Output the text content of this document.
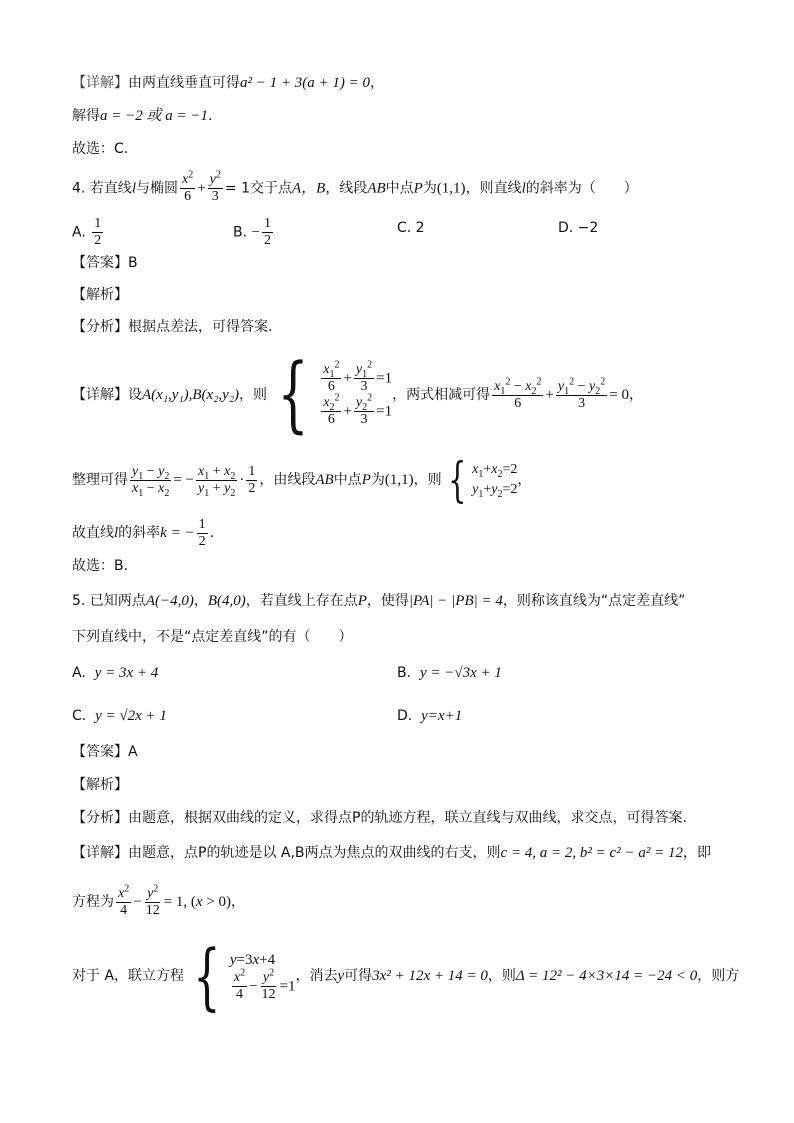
【详解】由两直线垂直可得a² − 1 + 3(a + 1) = 0，
解得a = −2 或 a = −1.
故选：C.
4. 若直线l与椭圆 $\frac{x^2}{6} + \frac{y^2}{3} = 1$交于点A，B，线段AB中点P为(1,1)，则直线l的斜率为（　　）
A. $\frac{1}{2}$	B. − $\frac{1}{2}$	C. 2	D. −2
【答案】B
【解析】
【分析】根据点差法，可得答案.
【详解】设 A(x₁,y₁),B(x₂,y₂) ，则 { $\frac{x_1^2}{6} + \frac{y_1^2}{3} =1$
$\frac{x_2^2}{6} + \frac{y_2^2}{3} =1$
，两式相减可得 $\frac{x_1^2 - x_2^2}{6} + \frac{y_1^2 - y_2^2}{3} = 0$ ，
整理可得 $\frac{y_1 - y_2}{x_1 - x_2}$ = − $\frac{x_1 + x_2}{y_1 + y_2} \cdot \frac{1}{2}$ ，由线段 AB 中点 P 为 (1,1) ，则 { $x_1+x_2=2$
$y_1+y_2=2$
，
故直线l的斜率k = − $\frac{1}{2}$ .
故选：B.
5. 已知两点A(−4,0)，B(4,0)，若直线上存在点P，使得|PA| − |PB| = 4，则称该直线为“点定差直线”
下列直线中，不是“点定差直线”的有（　　）
A. y = 3x + 4	B. y = −√3x + 1
C. y = √2x + 1	D. y=x+1
【答案】A
【解析】
【分析】由题意，根据双曲线的定义，求得点P的轨迹方程，联立直线与双曲线，求交点，可得答案.
【详解】由题意，点P的轨迹是以 A,B两点为焦点的双曲线的右支，则c = 4, a = 2, b² = c² − a² = 12，即
方程为 $\frac{x^2}{4} - \frac{y^2}{12} = 1$, (x > 0)，
对于 A，联立方程 { y=3x+4
$\frac{x^2}{4} - \frac{y^2}{12} =1$
，消去 y 可得 3x² + 12x + 14 = 0 ，则 Δ = 12² − 4×3×14 = −24 < 0 ，则方
